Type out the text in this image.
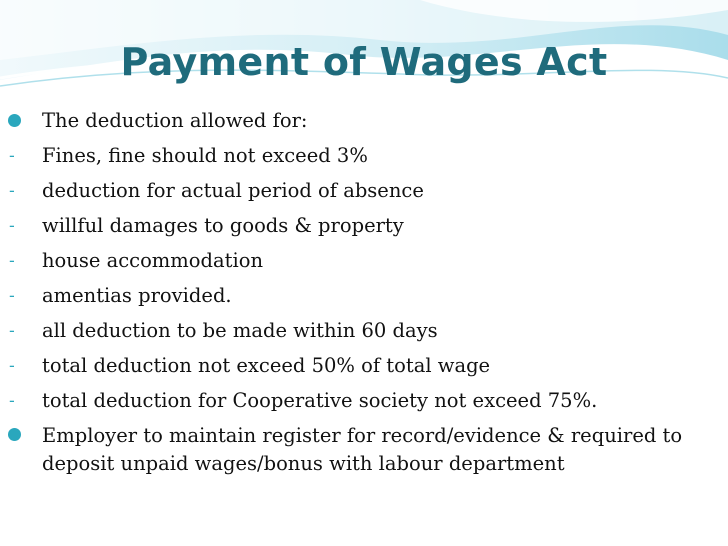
Payment of Wages Act
The deduction allowed for:
- Fines, fine should not exceed 3%
- deduction for actual period of absence
- willful damages to goods & property
- house accommodation
- amentias provided.
- all deduction to be made within 60 days
- total deduction not exceed 50% of total wage
- total deduction for Cooperative society not exceed 75%.
Employer to maintain register for record/evidence & required to deposit unpaid wages/bonus with labour department
